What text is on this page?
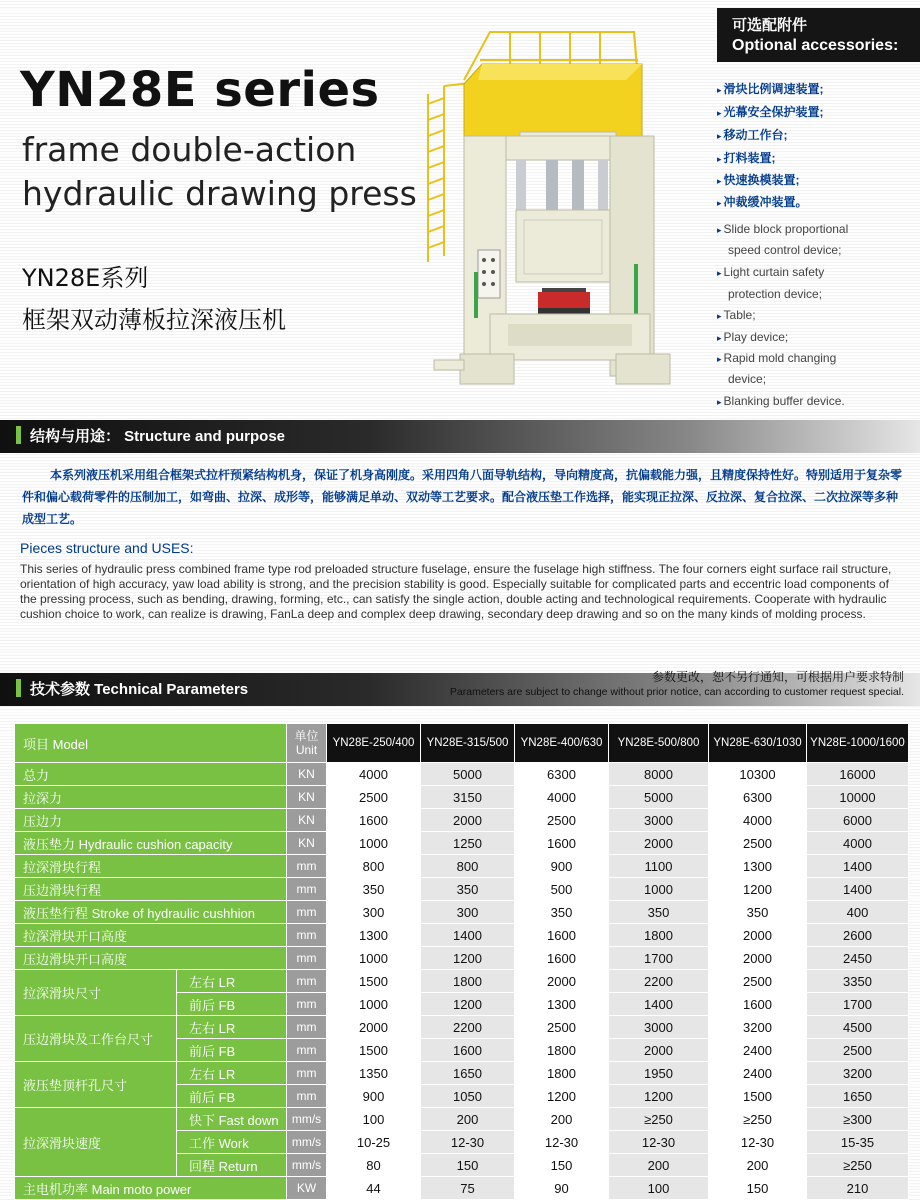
YN28E series
frame double-action
hydraulic drawing press
YN28E系列
框架双动薄板拉深液压机
可选配附件
Optional accessories:
▸ 滑块比例调速装置;
▸ 光幕安全保护装置;
▸ 移动工作台;
▸ 打料装置;
▸ 快速换模装置;
▸ 冲裁缓冲装置。
▸ Slide block proportional
speed control device;
▸ Light curtain safety
protection device;
▸ Table;
▸ Play device;
▸ Rapid mold changing
device;
▸ Blanking buffer device.
结构与用途： Structure and purpose
本系列液压机采用组合框架式拉杆预紧结构机身，保证了机身高刚度。采用四角八面导轨结构，导向精度高，抗偏载能力强，且精度保持性好。特别适用于复杂零件和偏心载荷零件的压制加工，如弯曲、拉深、成形等，能够满足单动、双动等工艺要求。配合液压垫工作选择，能实现正拉深、反拉深、复合拉深、二次拉深等多种成型工艺。
Pieces structure and USES:
This series of hydraulic press combined frame type rod preloaded structure fuselage, ensure the fuselage high stiffness. The four corners eight surface rail structure, orientation of high accuracy, yaw load ability is strong, and the precision stability is good. Especially suitable for complicated parts and eccentric load components of the pressing process, such as bending, drawing, forming, etc., can satisfy the single action, double acting and technological requirements. Cooperate with hydraulic cushion choice to work, can realize is drawing, FanLa deep and complex deep drawing, secondary deep drawing and so on the many kinds of molding process.
技术参数 Technical Parameters
参数更改，恕不另行通知，可根据用户要求特制
Parameters are subject to change without prior notice, can according to customer request special.
项目 Model		单位
Unit	YN28E-250/400	YN28E-315/500	YN28E-400/630	YN28E-500/800	YN28E-630/1030	YN28E-1000/1600
总力		KN	4000	5000	6300	8000	10300	16000
拉深力		KN	2500	3150	4000	5000	6300	10000
压边力		KN	1600	2000	2500	3000	4000	6000
液压垫力 Hydraulic cushion capacity		KN	1000	1250	1600	2000	2500	4000
拉深滑块行程		mm	800	800	900	1100	1300	1400
压边滑块行程		mm	350	350	500	1000	1200	1400
液压垫行程 Stroke of hydraulic cushhion		mm	300	300	350	350	350	400
拉深滑块开口高度		mm	1300	1400	1600	1800	2000	2600
压边滑块开口高度		mm	1000	1200	1600	1700	2000	2450
拉深滑块尺寸	左右 LR	mm	1500	1800	2000	2200	2500	3350
	前后 FB	mm	1000	1200	1300	1400	1600	1700
压边滑块及工作台尺寸	左右 LR	mm	2000	2200	2500	3000	3200	4500
	前后 FB	mm	1500	1600	1800	2000	2400	2500
液压垫顶杆孔尺寸	左右 LR	mm	1350	1650	1800	1950	2400	3200
	前后 FB	mm	900	1050	1200	1200	1500	1650
拉深滑块速度	快下 Fast down	mm/s	100	200	200	≥250	≥250	≥300
	工作 Work	mm/s	10-25	12-30	12-30	12-30	12-30	15-35
	回程 Return	mm/s	80	150	150	200	200	≥250
主电机功率 Main moto power		KW	44	75	90	100	150	210
